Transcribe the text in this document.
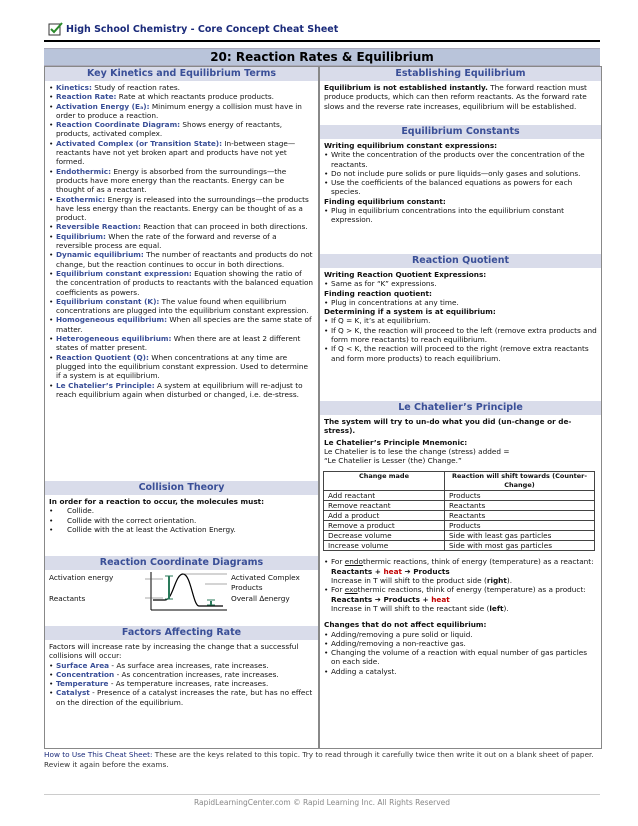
High School Chemistry - Core Concept Cheat Sheet
20: Reaction Rates & Equilibrium
Key Kinetics and Equilibrium Terms
• Kinetics: Study of reaction rates.
• Reaction Rate: Rate at which reactants produce products.
• Activation Energy (Eₐ): Minimum energy a collision must have in order to produce a reaction.
• Reaction Coordinate Diagram: Shows energy of reactants, products, activated complex.
• Activated Complex (or Transition State): In-between stage—reactants have not yet broken apart and products have not yet formed.
• Endothermic: Energy is absorbed from the surroundings—the products have more energy than the reactants. Energy can be thought of as a reactant.
• Exothermic: Energy is released into the surroundings—the products have less energy than the reactants. Energy can be thought of as a product.
• Reversible Reaction: Reaction that can proceed in both directions.
• Equilibrium: When the rate of the forward and reverse of a reversible process are equal.
• Dynamic equilibrium: The number of reactants and products do not change, but the reaction continues to occur in both directions.
• Equilibrium constant expression: Equation showing the ratio of the concentration of products to reactants with the balanced equation coefficients as powers.
• Equilibrium constant (K): The value found when equilibrium concentrations are plugged into the equilibrium constant expression.
• Homogeneous equilibrium: When all species are the same state of matter.
• Heterogeneous equilibrium: When there are at least 2 different states of matter present.
• Reaction Quotient (Q): When concentrations at any time are plugged into the equilibrium constant expression. Used to determine if a system is at equilibrium.
• Le Chatelier’s Principle: A system at equilibrium will re-adjust to reach equilibrium again when disturbed or changed, i.e. de-stress.
Collision Theory
In order for a reaction to occur, the molecules must:
• Collide.
• Collide with the correct orientation.
• Collide with the at least the Activation Energy.
Reaction Coordinate Diagrams
Activation energy
Reactants
Activated Complex
Products
Overall ∆energy
Factors Affecting Rate
Factors will increase rate by increasing the change that a successful collisions will occur:
• Surface Area - As surface area increases, rate increases.
• Concentration - As concentration increases, rate increases.
• Temperature - As temperature increases, rate increases.
• Catalyst - Presence of a catalyst increases the rate, but has no effect on the direction of the equilibrium.
Establishing Equilibrium
Equilibrium is not established instantly. The forward reaction must produce products, which can then reform reactants. As the forward rate slows and the reverse rate increases, equilibrium will be established.
Equilibrium Constants
Writing equilibrium constant expressions:
• Write the concentration of the products over the concentration of the reactants.
• Do not include pure solids or pure liquids—only gases and solutions.
• Use the coefficients of the balanced equations as powers for each species.
Finding equilibrium constant:
• Plug in equilibrium concentrations into the equilibrium constant expression.
Reaction Quotient
Writing Reaction Quotient Expressions:
• Same as for “K” expressions.
Finding reaction quotient:
• Plug in concentrations at any time.
Determining if a system is at equilibrium:
• If Q = K, it’s at equilibrium.
• If Q > K, the reaction will proceed to the left (remove extra products and form more reactants) to reach equilibrium.
• If Q < K, the reaction will proceed to the right (remove extra reactants and form more products) to reach equilibrium.
Le Chatelier’s Principle
The system will try to un-do what you did (un-change or de-stress).
Le Chatelier’s Principle Mnemonic:
Le Chatelier is to lese the change (stress) added =
“Le Chatelier is Lesser (the) Change.”
Change made	Reaction will shift towards (Counter-Change)
Add reactant	Products
Remove reactant	Reactants
Add a product	Reactants
Remove a product	Products
Decrease volume	Side with least gas particles
Increase volume	Side with most gas particles
• For endothermic reactions, think of energy (temperature) as a reactant: Reactants + heat ➔ Products
Increase in T will shift to the product side (right).
• For exothermic reactions, think of energy (temperature) as a product: Reactants ➔ Products + heat
Increase in T will shift to the reactant side (left).
Changes that do not affect equilibrium:
• Adding/removing a pure solid or liquid.
• Adding/removing a non-reactive gas.
• Changing the volume of a reaction with equal number of gas particles on each side.
• Adding a catalyst.
How to Use This Cheat Sheet: These are the keys related to this topic. Try to read through it carefully twice then write it out on a blank sheet of paper. Review it again before the exams.
RapidLearningCenter.com © Rapid Learning Inc. All Rights Reserved
